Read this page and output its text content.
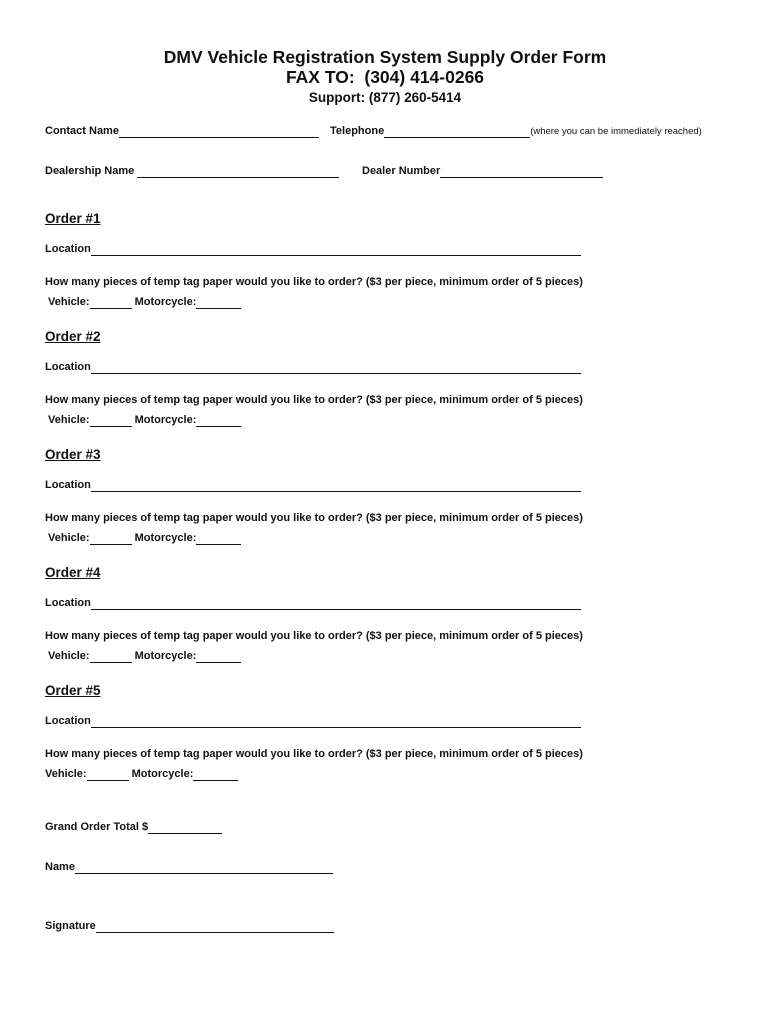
DMV Vehicle Registration System Supply Order Form
FAX TO:  (304) 414-0266
Support: (877) 260-5414
Contact Name	Telephone	(where you can be immediately reached)
Dealership Name	Dealer Number
Order #1
Location
How many pieces of temp tag paper would you like to order? ($3 per piece, minimum order of 5 pieces)
Vehicle:	Motorcycle:
Order #2
Location
How many pieces of temp tag paper would you like to order? ($3 per piece, minimum order of 5 pieces)
Vehicle:	Motorcycle:
Order #3
Location
How many pieces of temp tag paper would you like to order? ($3 per piece, minimum order of 5 pieces)
Vehicle:	Motorcycle:
Order #4
Location
How many pieces of temp tag paper would you like to order? ($3 per piece, minimum order of 5 pieces)
Vehicle:	Motorcycle:
Order #5
Location
How many pieces of temp tag paper would you like to order? ($3 per piece, minimum order of 5 pieces)
Vehicle:	Motorcycle:
Grand Order Total $
Name
Signature
